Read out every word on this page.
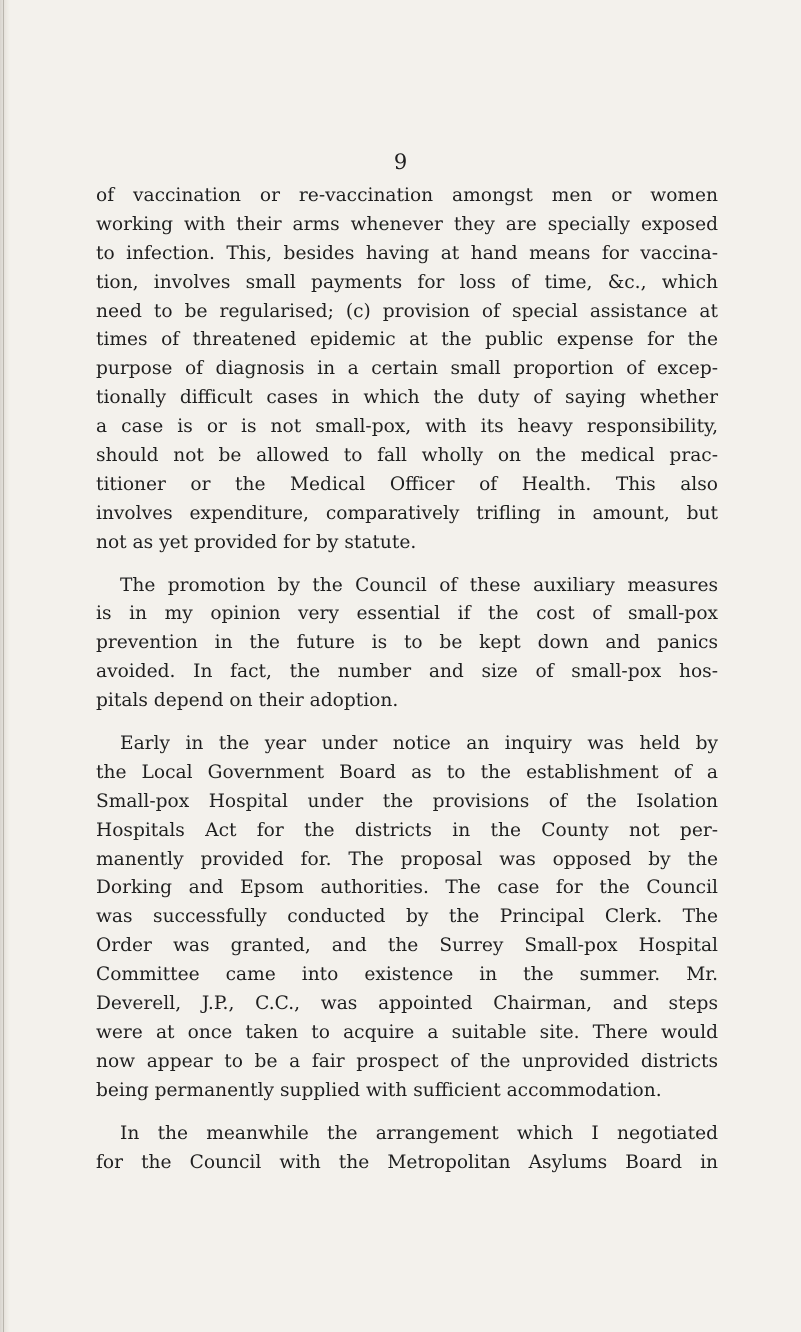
9
of vaccination or re-vaccination amongst men or women
working with their arms whenever they are specially exposed
to infection. This, besides having at hand means for vaccina-
tion, involves small payments for loss of time, &c., which
need to be regularised; (c) provision of special assistance at
times of threatened epidemic at the public expense for the
purpose of diagnosis in a certain small proportion of excep-
tionally difficult cases in which the duty of saying whether
a case is or is not small-pox, with its heavy responsibility,
should not be allowed to fall wholly on the medical prac-
titioner or the Medical Officer of Health. This also
involves expenditure, comparatively trifling in amount, but
not as yet provided for by statute.
The promotion by the Council of these auxiliary measures
is in my opinion very essential if the cost of small-pox
prevention in the future is to be kept down and panics
avoided. In fact, the number and size of small-pox hos-
pitals depend on their adoption.
Early in the year under notice an inquiry was held by
the Local Government Board as to the establishment of a
Small-pox Hospital under the provisions of the Isolation
Hospitals Act for the districts in the County not per-
manently provided for. The proposal was opposed by the
Dorking and Epsom authorities. The case for the Council
was successfully conducted by the Principal Clerk. The
Order was granted, and the Surrey Small-pox Hospital
Committee came into existence in the summer. Mr.
Deverell, J.P., C.C., was appointed Chairman, and steps
were at once taken to acquire a suitable site. There would
now appear to be a fair prospect of the unprovided districts
being permanently supplied with sufficient accommodation.
In the meanwhile the arrangement which I negotiated
for the Council with the Metropolitan Asylums Board in
